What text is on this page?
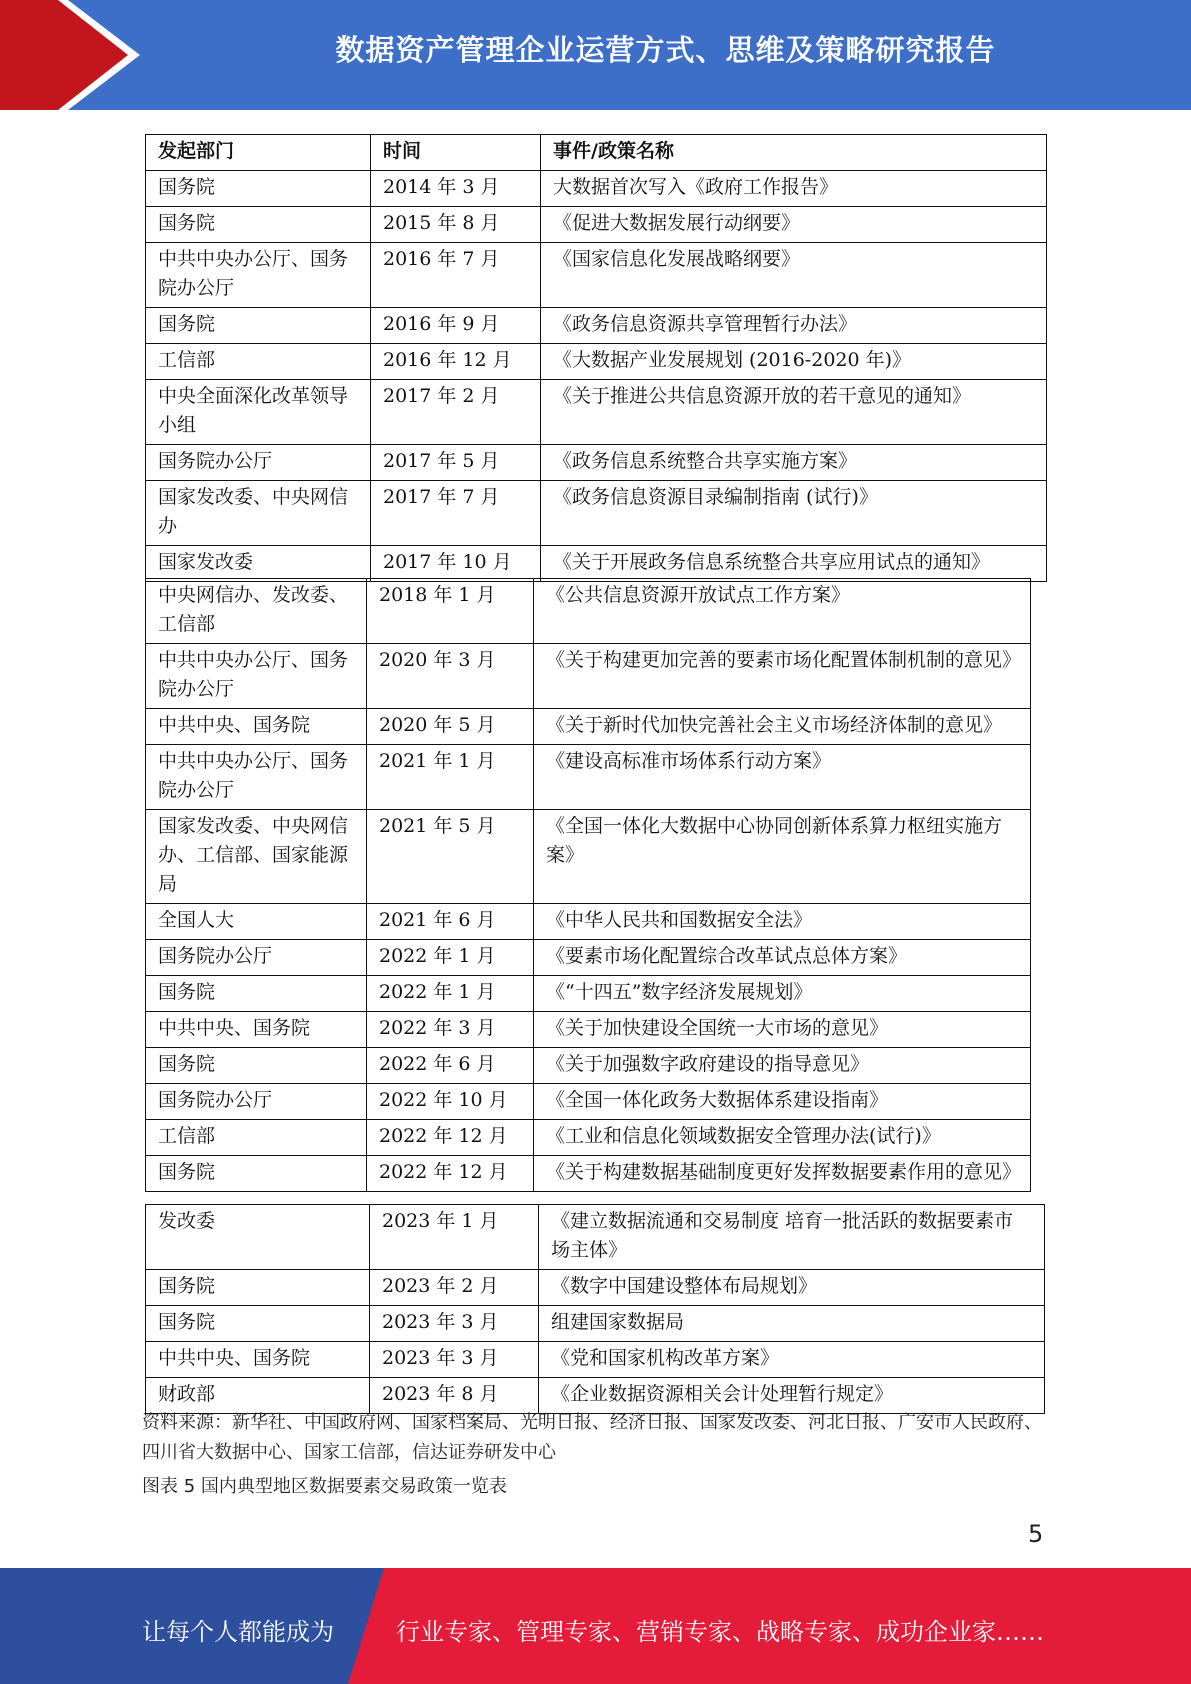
数据资产管理企业运营方式、思维及策略研究报告
发起部门	时间	事件/政策名称
国务院	2014 年 3 月	大数据首次写入《政府工作报告》
国务院	2015 年 8 月	《促进大数据发展行动纲要》
中共中央办公厅、国务院办公厅	2016 年 7 月	《国家信息化发展战略纲要》
国务院	2016 年 9 月	《政务信息资源共享管理暂行办法》
工信部	2016 年 12 月	《大数据产业发展规划 (2016-2020 年)》
中央全面深化改革领导小组	2017 年 2 月	《关于推进公共信息资源开放的若干意见的通知》
国务院办公厅	2017 年 5 月	《政务信息系统整合共享实施方案》
国家发改委、中央网信办	2017 年 7 月	《政务信息资源目录编制指南 (试行)》
国家发改委	2017 年 10 月	《关于开展政务信息系统整合共享应用试点的通知》
中央网信办、发改委、工信部	2018 年 1 月	《公共信息资源开放试点工作方案》
中共中央办公厅、国务院办公厅	2020 年 3 月	《关于构建更加完善的要素市场化配置体制机制的意见》
中共中央、国务院	2020 年 5 月	《关于新时代加快完善社会主义市场经济体制的意见》
中共中央办公厅、国务院办公厅	2021 年 1 月	《建设高标准市场体系行动方案》
国家发改委、中央网信办、工信部、国家能源局	2021 年 5 月	《全国一体化大数据中心协同创新体系算力枢纽实施方案》
全国人大	2021 年 6 月	《中华人民共和国数据安全法》
国务院办公厅	2022 年 1 月	《要素市场化配置综合改革试点总体方案》
国务院	2022 年 1 月	《“十四五”数字经济发展规划》
中共中央、国务院	2022 年 3 月	《关于加快建设全国统一大市场的意见》
国务院	2022 年 6 月	《关于加强数字政府建设的指导意见》
国务院办公厅	2022 年 10 月	《全国一体化政务大数据体系建设指南》
工信部	2022 年 12 月	《工业和信息化领域数据安全管理办法(试行)》
国务院	2022 年 12 月	《关于构建数据基础制度更好发挥数据要素作用的意见》
发改委	2023 年 1 月	《建立数据流通和交易制度 培育一批活跃的数据要素市场主体》
国务院	2023 年 2 月	《数字中国建设整体布局规划》
国务院	2023 年 3 月	组建国家数据局
中共中央、国务院	2023 年 3 月	《党和国家机构改革方案》
财政部	2023 年 8 月	《企业数据资源相关会计处理暂行规定》
资料来源：新华社、中国政府网、国家档案局、光明日报、经济日报、国家发改委、河北日报、广安市人民政府、四川省大数据中心、国家工信部，信达证券研发中心
图表 5 国内典型地区数据要素交易政策一览表
5
让每个人都能成为	行业专家、管理专家、营销专家、战略专家、成功企业家……
